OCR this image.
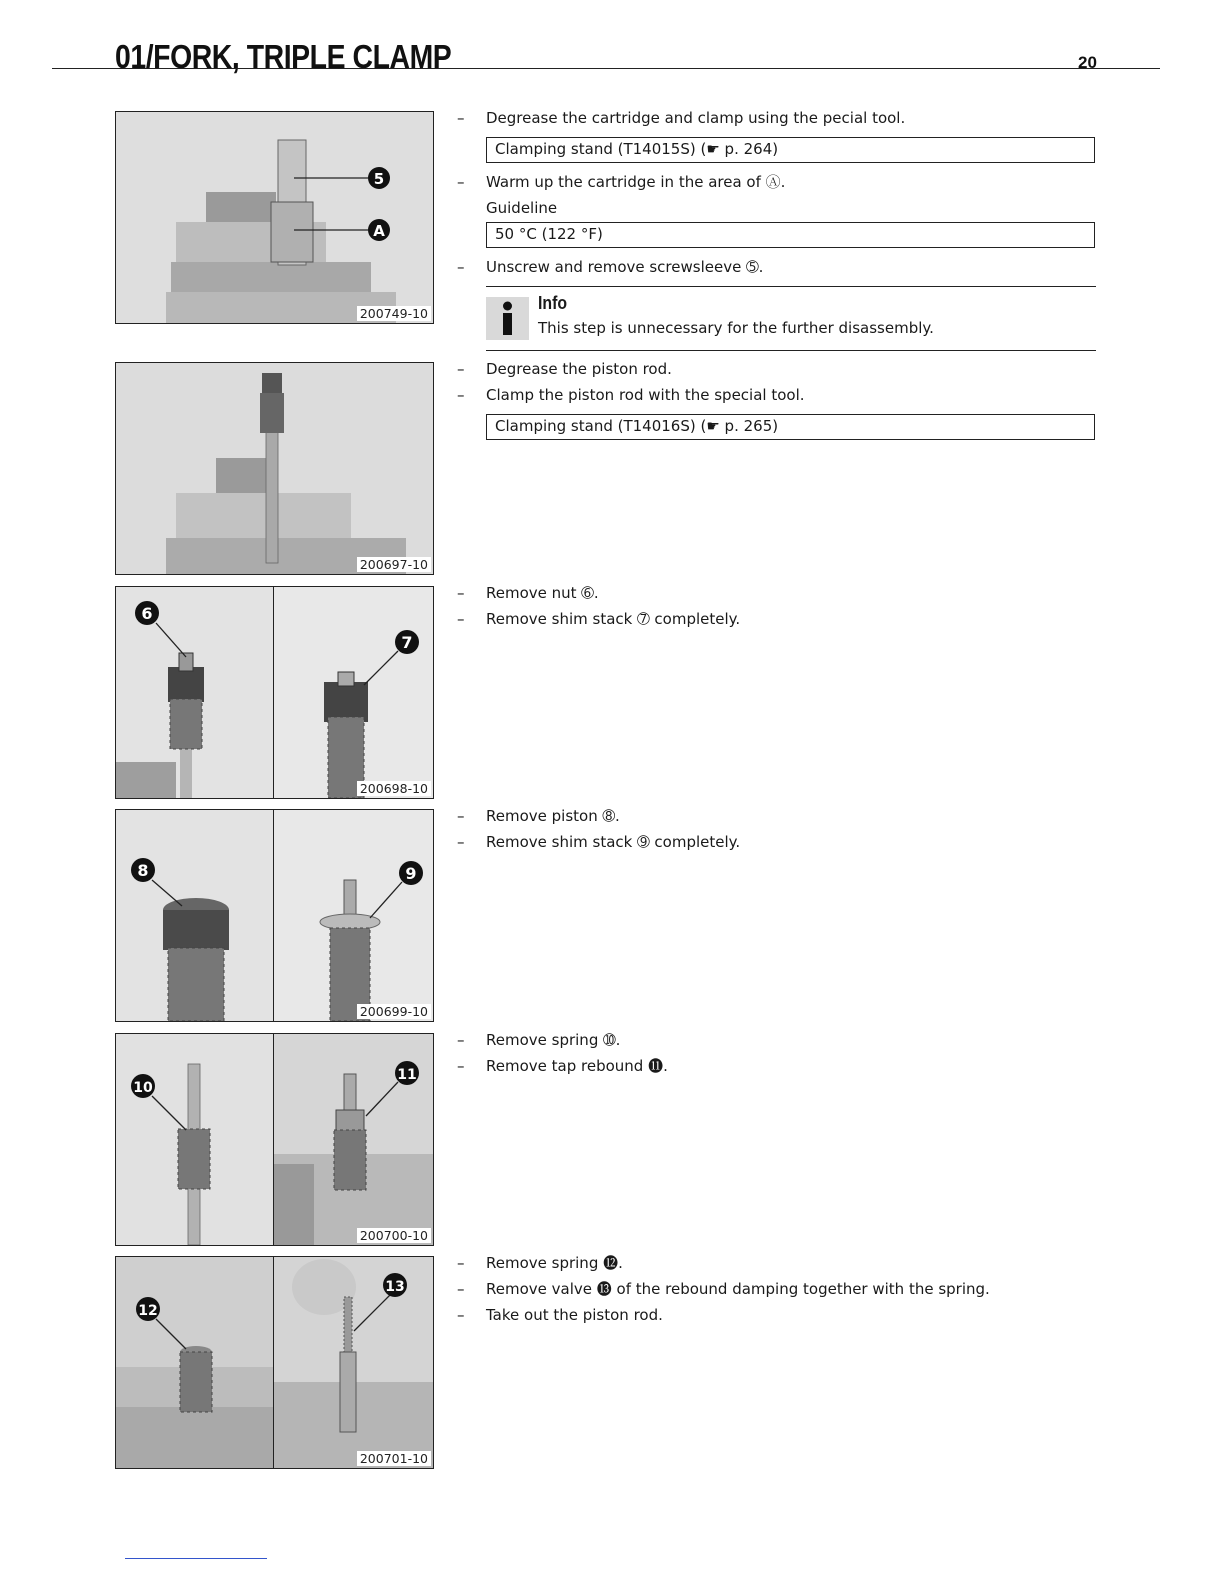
01/FORK, TRIPLE CLAMP	20
5
A
200749-10
200697-10
6
7
200698-10
8	9
200699-10
10
11
200700-10
12
13
200701-10
–	Degrease the cartridge and clamp using the pecial tool.
Clamping stand (T14015S) (☛ p. 264)
–	Warm up the cartridge in the area of Ⓐ.
Guideline
50 °C (122 °F)
–	Unscrew and remove screwsleeve ➄.
Info
This step is unnecessary for the further disassembly.
–	Degrease the piston rod.
–	Clamp the piston rod with the special tool.
Clamping stand (T14016S) (☛ p. 265)
–	Remove nut ➅.
–	Remove shim stack ➆ completely.
–	Remove piston ➇.
–	Remove shim stack ➈ completely.
–	Remove spring ➉.
–	Remove tap rebound ⓫.
–	Remove spring ⓬.
–	Remove valve ⓭ of the rebound damping together with the spring.
–	Take out the piston rod.
